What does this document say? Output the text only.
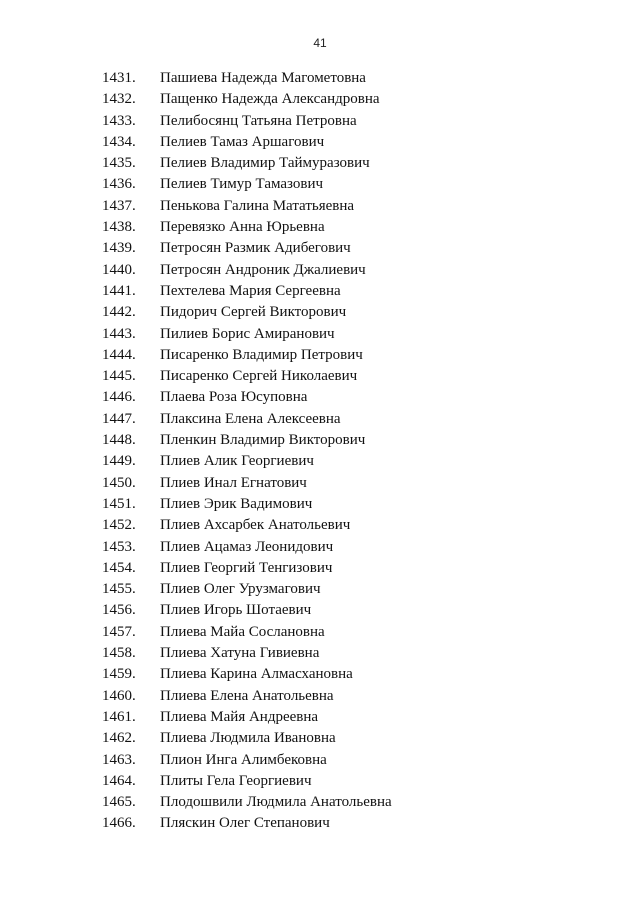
41
1431. Пашиева Надежда Магометовна
1432. Пащенко Надежда Александровна
1433. Пелибосянц Татьяна Петровна
1434. Пелиев Тамаз Аршагович
1435. Пелиев Владимир Таймуразович
1436. Пелиев Тимур Тамазович
1437. Пенькова Галина Мататьяевна
1438. Перевязко Анна Юрьевна
1439. Петросян Размик Адибегович
1440. Петросян Андроник Джалиевич
1441. Пехтелева Мария Сергеевна
1442. Пидорич Сергей Викторович
1443. Пилиев Борис Амиранович
1444. Писаренко Владимир Петрович
1445. Писаренко Сергей Николаевич
1446. Плаева Роза Юсуповна
1447. Плаксина Елена Алексеевна
1448. Пленкин Владимир Викторович
1449. Плиев Алик Георгиевич
1450. Плиев Инал Егнатович
1451. Плиев Эрик Вадимович
1452. Плиев Ахсарбек Анатольевич
1453. Плиев Ацамаз Леонидович
1454. Плиев Георгий Тенгизович
1455. Плиев Олег Урузмагович
1456. Плиев Игорь Шотаевич
1457. Плиева Майа Сослановна
1458. Плиева Хатуна Гивиевна
1459. Плиева Карина Алмасхановна
1460. Плиева Елена Анатольевна
1461. Плиева Майя Андреевна
1462. Плиева Людмила Ивановна
1463. Плион Инга Алимбековна
1464. Плиты Гела Георгиевич
1465. Плодошвили Людмила Анатольевна
1466. Пляскин Олег Степанович
